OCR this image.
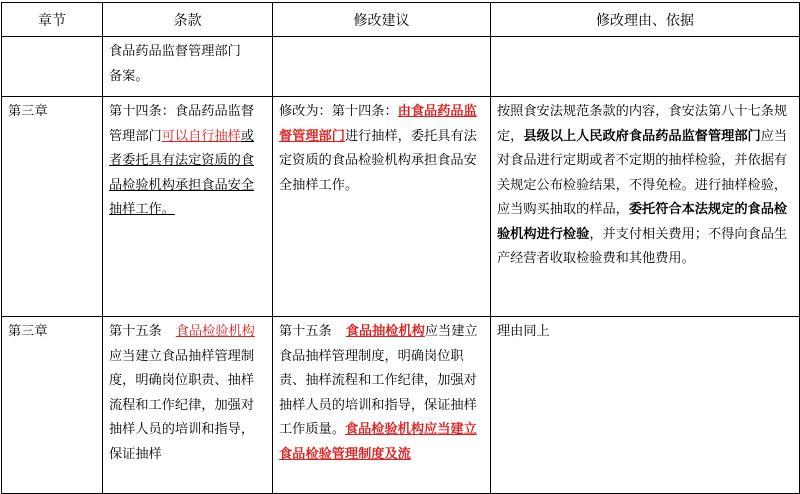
章节	条款	修改建议	修改理由、依据
	食品药品监督管理部门
备案。		
第三章	第十四条：食品药品监督管理部门可以自行抽样或者委托具有法定资质的食品检验机构承担食品安全抽样工作。	修改为：第十四条：由食品药品监督管理部门进行抽样，委托具有法定资质的食品检验机构承担食品安全抽样工作。	按照食安法规范条款的内容，食安法第八十七条规定，县级以上人民政府食品药品监督管理部门应当对食品进行定期或者不定期的抽样检验，并依据有关规定公布检验结果，不得免检。进行抽样检验，应当购买抽取的样品，委托符合本法规定的食品检验机构进行检验，并支付相关费用；不得向食品生产经营者收取检验费和其他费用。
第三章	第十五条 食品检验机构应当建立食品抽样管理制度，明确岗位职责、抽样流程和工作纪律，加强对抽样人员的培训和指导，保证抽样	第十五条 食品抽检机构应当建立食品抽样管理制度，明确岗位职责、抽样流程和工作纪律，加强对抽样人员的培训和指导，保证抽样工作质量。食品检验机构应当建立食品检验管理制度及流	理由同上
